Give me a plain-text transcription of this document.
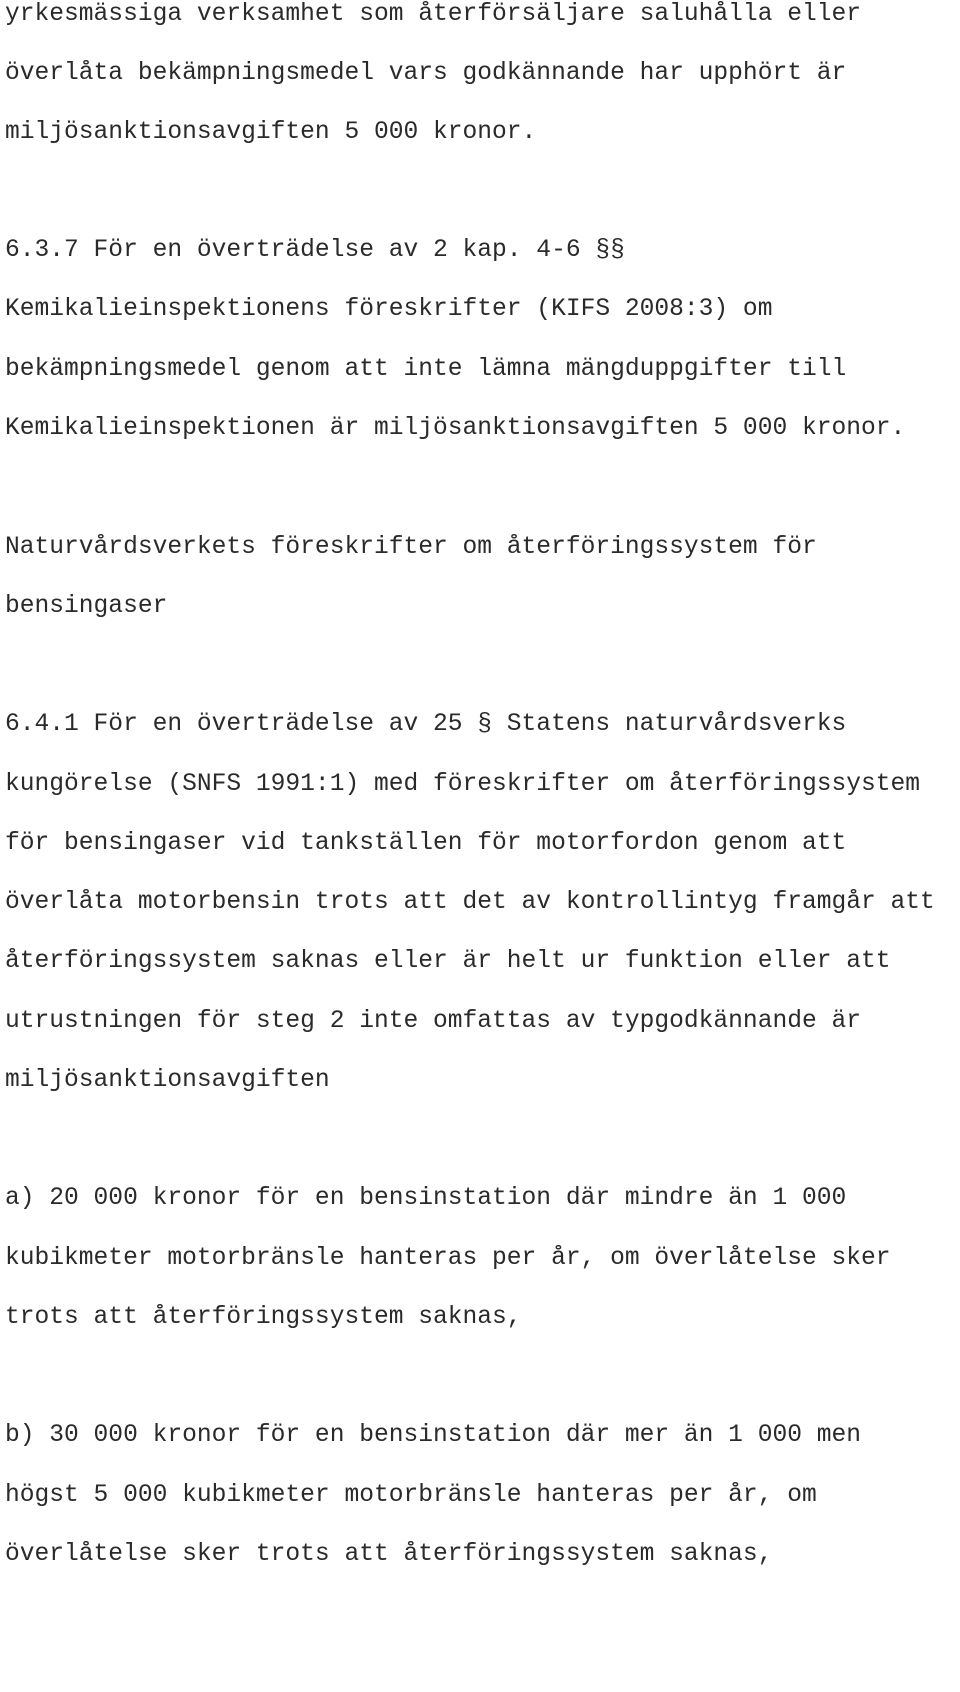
yrkesmässiga verksamhet som återförsäljare saluhålla eller
överlåta bekämpningsmedel vars godkännande har upphört är
miljösanktionsavgiften 5 000 kronor.
6.3.7 För en överträdelse av 2 kap. 4-6 §§
Kemikalieinspektionens föreskrifter (KIFS 2008:3) om
bekämpningsmedel genom att inte lämna mängduppgifter till
Kemikalieinspektionen är miljösanktionsavgiften 5 000 kronor.
Naturvårdsverkets föreskrifter om återföringssystem för
bensingaser
6.4.1 För en överträdelse av 25 § Statens naturvårdsverks
kungörelse (SNFS 1991:1) med föreskrifter om återföringssystem
för bensingaser vid tankställen för motorfordon genom att
överlåta motorbensin trots att det av kontrollintyg framgår att
återföringssystem saknas eller är helt ur funktion eller att
utrustningen för steg 2 inte omfattas av typgodkännande är
miljösanktionsavgiften
a) 20 000 kronor för en bensinstation där mindre än 1 000
kubikmeter motorbränsle hanteras per år, om överlåtelse sker
trots att återföringssystem saknas,
b) 30 000 kronor för en bensinstation där mer än 1 000 men
högst 5 000 kubikmeter motorbränsle hanteras per år, om
överlåtelse sker trots att återföringssystem saknas,
